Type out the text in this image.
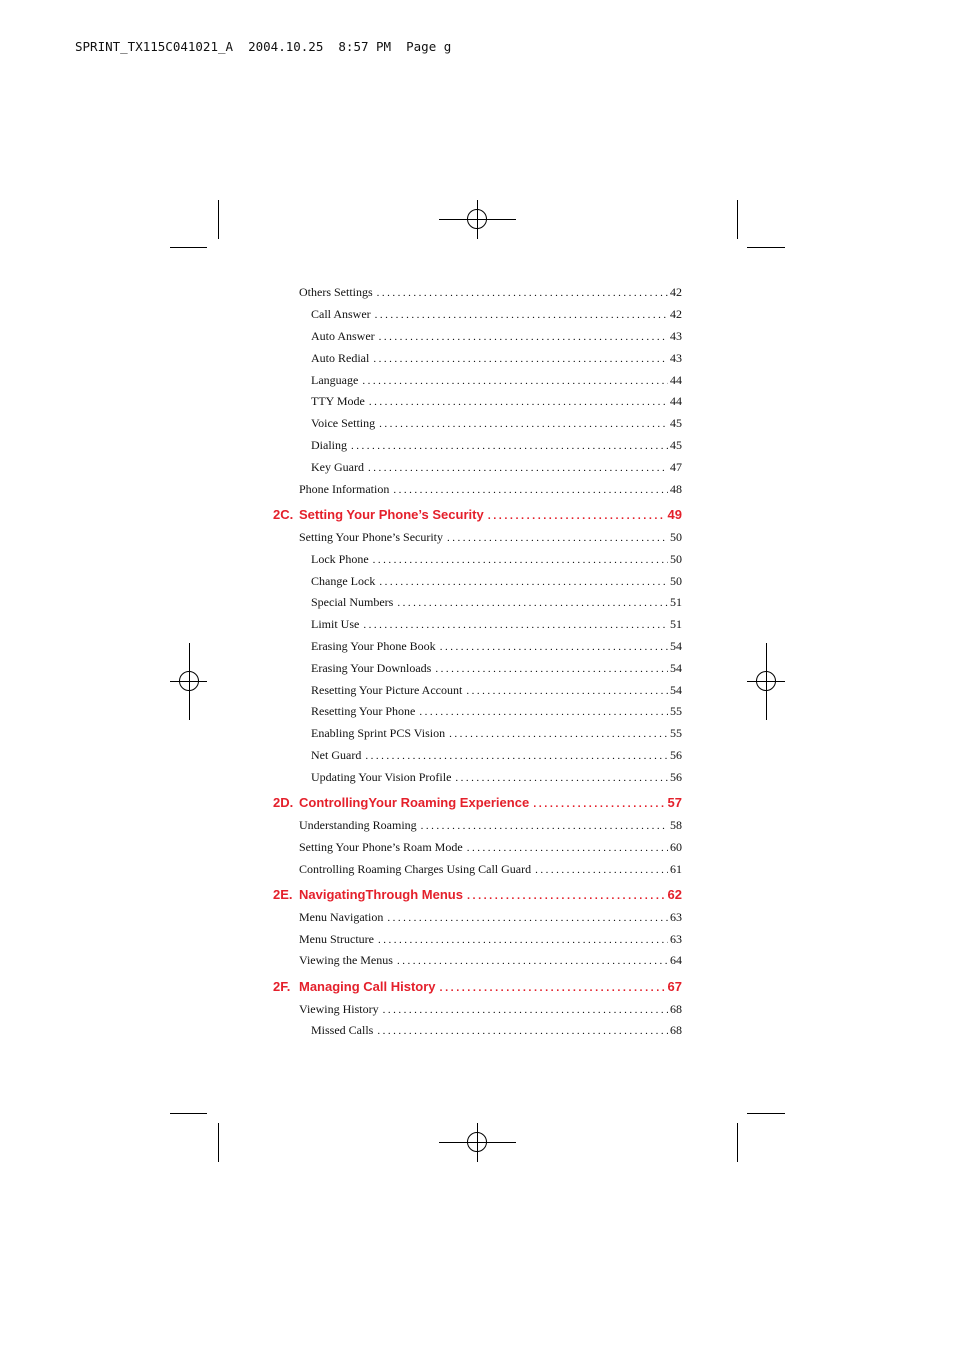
SPRINT_TX115C041021_A  2004.10.25  8:57 PM  Page g
Others Settings .....	42
Call Answer .....	42
Auto Answer .....	43
Auto Redial .....	43
Language .....	44
TTY Mode .....	44
Voice Setting .....	45
Dialing .....	45
Key Guard .....	47
Phone Information .....	48
2C. Setting Your Phone’s Security .....	49
Setting Your Phone’s Security .....	50
Lock Phone .....	50
Change Lock .....	50
Special Numbers .....	51
Limit Use .....	51
Erasing Your Phone Book .....	54
Erasing Your Downloads .....	54
Resetting Your Picture Account .....	54
Resetting Your Phone .....	55
Enabling Sprint PCS Vision .....	55
Net Guard .....	56
Updating Your Vision Profile .....	56
2D. ControllingYour Roaming Experience .....	57
Understanding Roaming .....	58
Setting Your Phone’s Roam Mode .....	60
Controlling Roaming Charges Using Call Guard .....	61
2E. NavigatingThrough Menus .....	62
Menu Navigation .....	63
Menu Structure .....	63
Viewing the Menus .....	64
2F. Managing Call History .....	67
Viewing History .....	68
Missed Calls .....	68
